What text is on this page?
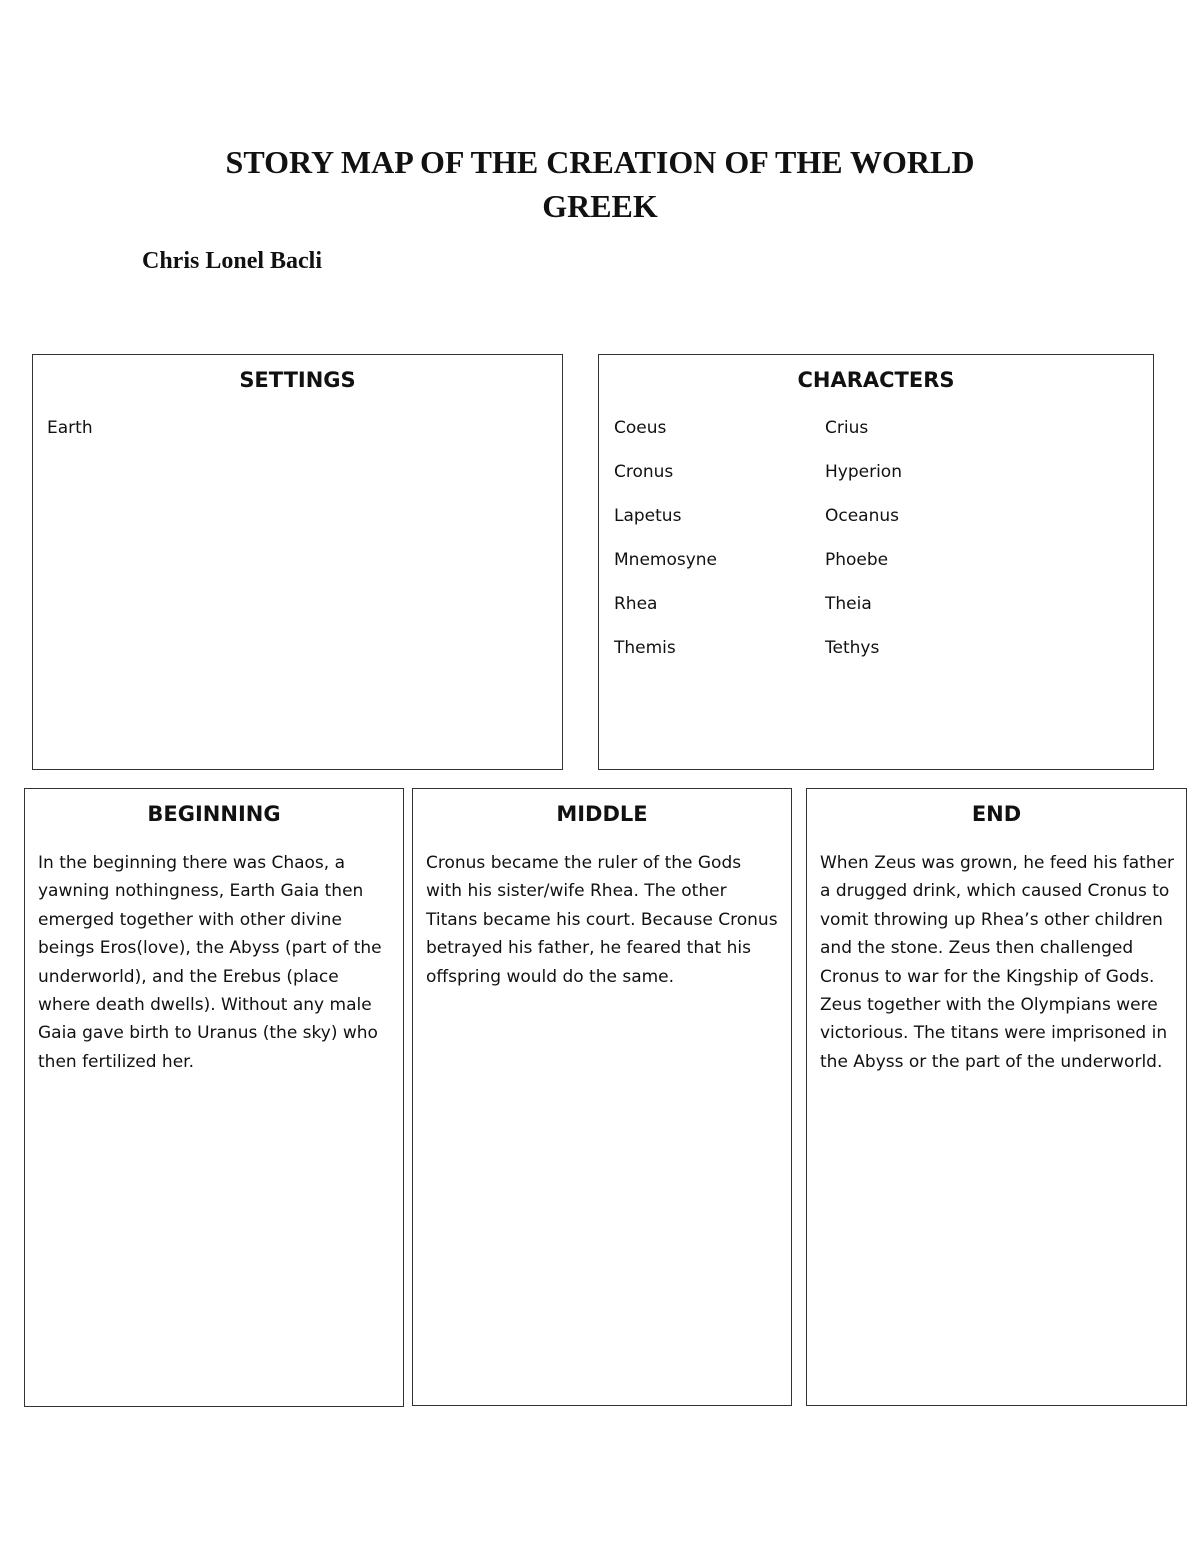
STORY MAP OF THE CREATION OF THE WORLD
GREEK

Chris Lonel Bacli

SETTINGS

Earth

CHARACTERS
Coeus
Cronus
Lapetus
Mnemosyne
Rhea
Themis
Crius
Hyperion
Oceanus
Phoebe
Theia
Tethys
BEGINNING

In the beginning there was Chaos, a yawning nothingness, Earth Gaia then emerged together with other divine beings Eros(love), the Abyss (part of the underworld), and the Erebus (place where death dwells). Without any male Gaia gave birth to Uranus (the sky) who then fertilized her.

MIDDLE

Cronus became the ruler of the Gods with his sister/wife Rhea. The other Titans became his court. Because Cronus betrayed his father, he feared that his offspring would do the same.

END

When Zeus was grown, he feed his father a drugged drink, which caused Cronus to vomit throwing up Rhea’s other children and the stone. Zeus then challenged Cronus to war for the Kingship of Gods. Zeus together with the Olympians were victorious. The titans were imprisoned in the Abyss or the part of the underworld.
